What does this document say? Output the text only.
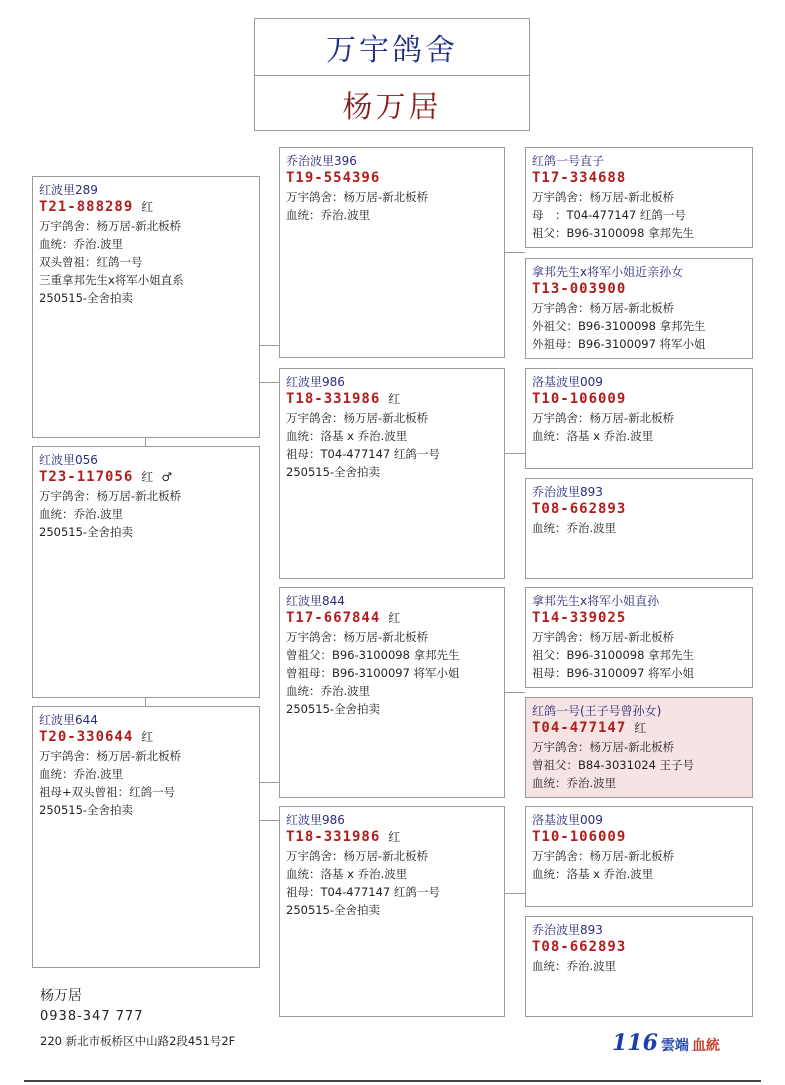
万宇鸽舍
杨万居
红波里289
T21-888289 红
万宇鸽舍：杨万居-新北板桥
血统：乔治.波里
双头曾祖：红鸽一号
三重拿邦先生x将军小姐直系
250515-全舍拍卖
红波里056
T23-117056 红 ♂
万宇鸽舍：杨万居-新北板桥
血统：乔治.波里
250515-全舍拍卖
红波里644
T20-330644 红
万宇鸽舍：杨万居-新北板桥
血统：乔治.波里
祖母+双头曾祖：红鸽一号
250515-全舍拍卖
乔治波里396
T19-554396
万宇鸽舍：杨万居-新北板桥
血统：乔治.波里
红波里986
T18-331986 红
万宇鸽舍：杨万居-新北板桥
血统：洛基 x 乔治.波里
祖母：T04-477147 红鸽一号
250515-全舍拍卖
红波里844
T17-667844 红
万宇鸽舍：杨万居-新北板桥
曾祖父：B96-3100098 拿邦先生
曾祖母：B96-3100097 将军小姐
血统：乔治.波里
250515-全舍拍卖
红波里986
T18-331986 红
万宇鸽舍：杨万居-新北板桥
血统：洛基 x 乔治.波里
祖母：T04-477147 红鸽一号
250515-全舍拍卖
红鸽一号直子
T17-334688
万宇鸽舍：杨万居-新北板桥
母　：T04-477147 红鸽一号
祖父：B96-3100098 拿邦先生
拿邦先生x将军小姐近亲孙女
T13-003900
万宇鸽舍：杨万居-新北板桥
外祖父：B96-3100098 拿邦先生
外祖母：B96-3100097 将军小姐
洛基波里009
T10-106009
万宇鸽舍：杨万居-新北板桥
血统：洛基 x 乔治.波里
乔治波里893
T08-662893
血统：乔治.波里
拿邦先生x将军小姐直孙
T14-339025
万宇鸽舍：杨万居-新北板桥
祖父：B96-3100098 拿邦先生
祖母：B96-3100097 将军小姐
红鸽一号(王子号曾孙女)
T04-477147 红
万宇鸽舍：杨万居-新北板桥
曾祖父：B84-3031024 王子号
血统：乔治.波里
洛基波里009
T10-106009
万宇鸽舍：杨万居-新北板桥
血统：洛基 x 乔治.波里
乔治波里893
T08-662893
血统：乔治.波里
杨万居
0938-347 777
220 新北市板桥区中山路2段451号2F	116 雲端 血統
